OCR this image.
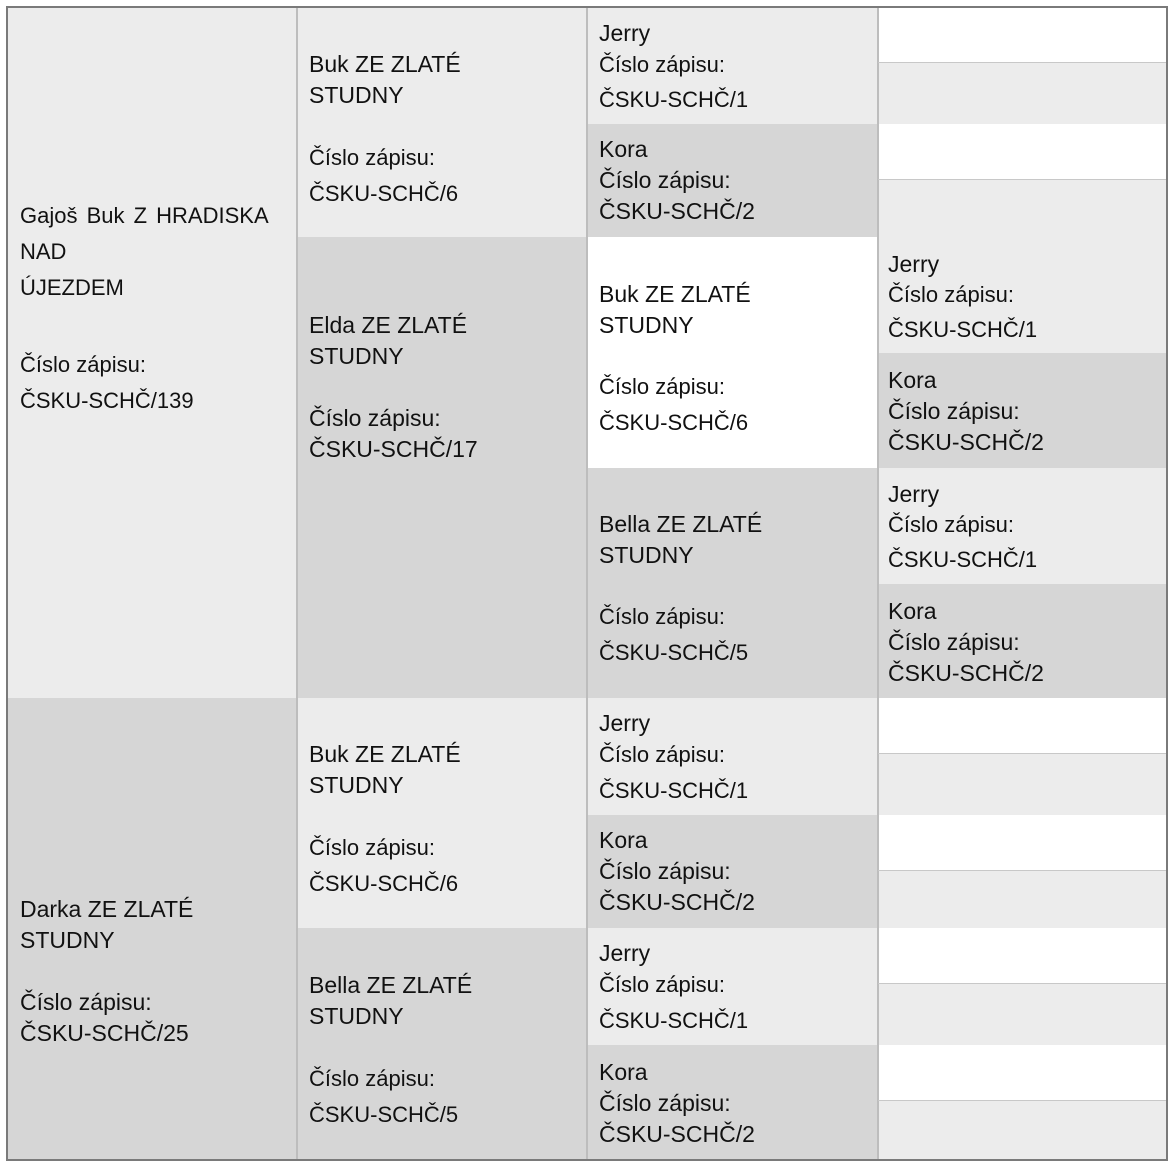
Gajoš Buk Z HRADISKA NAD
ÚJEZDEM
Číslo zápisu:
ČSKU-SCHČ/139
Darka ZE ZLATÉ
STUDNY
Číslo zápisu:
ČSKU-SCHČ/25
Buk ZE ZLATÉ
STUDNY
Číslo zápisu:
ČSKU-SCHČ/6
Elda ZE ZLATÉ
STUDNY
Číslo zápisu:
ČSKU-SCHČ/17
Buk ZE ZLATÉ
STUDNY
Číslo zápisu:
ČSKU-SCHČ/6
Bella ZE ZLATÉ
STUDNY
Číslo zápisu:
ČSKU-SCHČ/5
Jerry
Číslo zápisu:
ČSKU-SCHČ/1
Kora
Číslo zápisu:
ČSKU-SCHČ/2
Buk ZE ZLATÉ
STUDNY
Číslo zápisu:
ČSKU-SCHČ/6
Bella ZE ZLATÉ
STUDNY
Číslo zápisu:
ČSKU-SCHČ/5
Jerry
Číslo zápisu:
ČSKU-SCHČ/1
Kora
Číslo zápisu:
ČSKU-SCHČ/2
Jerry
Číslo zápisu:
ČSKU-SCHČ/1
Kora
Číslo zápisu:
ČSKU-SCHČ/2
Jerry
Číslo zápisu:
ČSKU-SCHČ/1
Kora
Číslo zápisu:
ČSKU-SCHČ/2
Jerry
Číslo zápisu:
ČSKU-SCHČ/1
Kora
Číslo zápisu:
ČSKU-SCHČ/2
